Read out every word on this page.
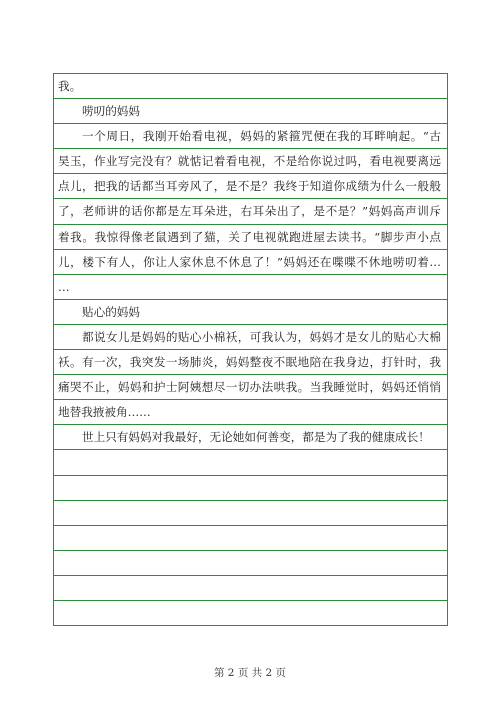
我。
唠叨的妈妈
一个周日，我刚开始看电视，妈妈的紧箍咒便在我的耳畔响起。“古
昊玉，作业写完没有？就惦记着看电视，不是给你说过吗，看电视要离远
点儿，把我的话都当耳旁风了，是不是？我终于知道你成绩为什么一般般
了，老师讲的话你都是左耳朵进，右耳朵出了，是不是？”妈妈高声训斥
着我。我惊得像老鼠遇到了猫，关了电视就跑进屋去读书。“脚步声小点
儿，楼下有人，你让人家休息不休息了！”妈妈还在喋喋不休地唠叨着…
…
贴心的妈妈
都说女儿是妈妈的贴心小棉袄，可我认为，妈妈才是女儿的贴心大棉
袄。有一次，我突发一场肺炎，妈妈整夜不眠地陪在我身边，打针时，我
痛哭不止，妈妈和护士阿姨想尽一切办法哄我。当我睡觉时，妈妈还悄悄
地替我掖被角……
世上只有妈妈对我最好，无论她如何善变，都是为了我的健康成长！
第 2 页 共 2 页
